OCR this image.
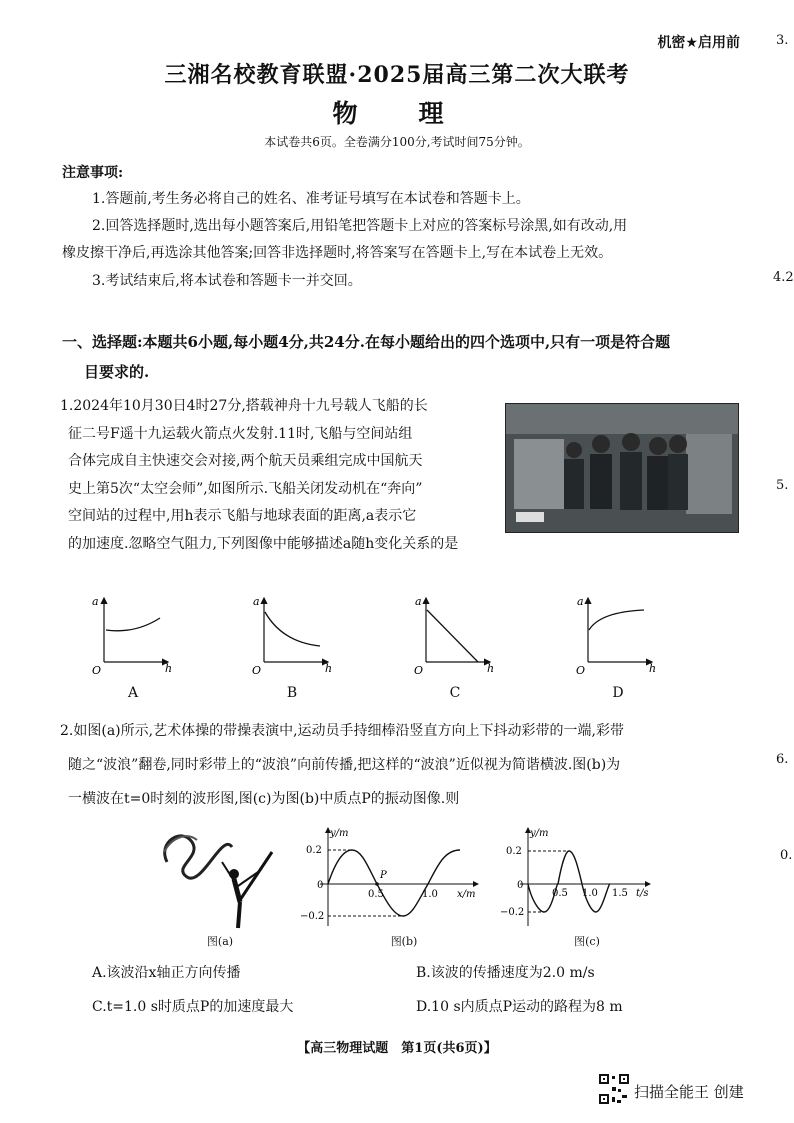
机密★启用前
三湘名校教育联盟·2025届高三第二次大联考
物　理
本试卷共6页。全卷满分100分,考试时间75分钟。
注意事项:
1.答题前,考生务必将自己的姓名、准考证号填写在本试卷和答题卡上。
2.回答选择题时,选出每小题答案后,用铅笔把答题卡上对应的答案标号涂黑,如有改动,用
橡皮擦干净后,再选涂其他答案;回答非选择题时,将答案写在答题卡上,写在本试卷上无效。
3.考试结束后,将本试卷和答题卡一并交回。
一、选择题:本题共6小题,每小题4分,共24分.在每小题给出的四个选项中,只有一项是符合题
目要求的.
1.2024年10月30日4时27分,搭载神舟十九号载人飞船的长
征二号F遥十九运载火箭点火发射.11时,飞船与空间站组
合体完成自主快速交会对接,两个航天员乘组完成中国航天
史上第5次“太空会师”,如图所示.飞船关闭发动机在“奔向”
空间站的过程中,用h表示飞船与地球表面的距离,a表示它
的加速度.忽略空气阻力,下列图像中能够描述a随h变化关系的是
a
O	h
a
O	h
a
O	h
a
O	h
A	B	C	D
2.如图(a)所示,艺术体操的带操表演中,运动员手持细棒沿竖直方向上下抖动彩带的一端,彩带
随之“波浪”翻卷,同时彩带上的“波浪”向前传播,把这样的“波浪”近似视为简谐横波.图(b)为
一横波在t=0时刻的波形图,图(c)为图(b)中质点P的振动图像.则
图(a)
y/m
0.2
0
−0.2
0.5	1.0
P
x/m
图(b)
y/m
0.2
0
−0.2
0.5 1.0 1.5 t/s
图(c)
A.该波沿x轴正方向传播	B.该波的传播速度为2.0 m/s
C.t=1.0 s时质点P的加速度最大	D.10 s内质点P运动的路程为8 m
【高三物理试题　第1页(共6页)】
扫描全能王 创建
3.
4.2
5.
6.
0.
